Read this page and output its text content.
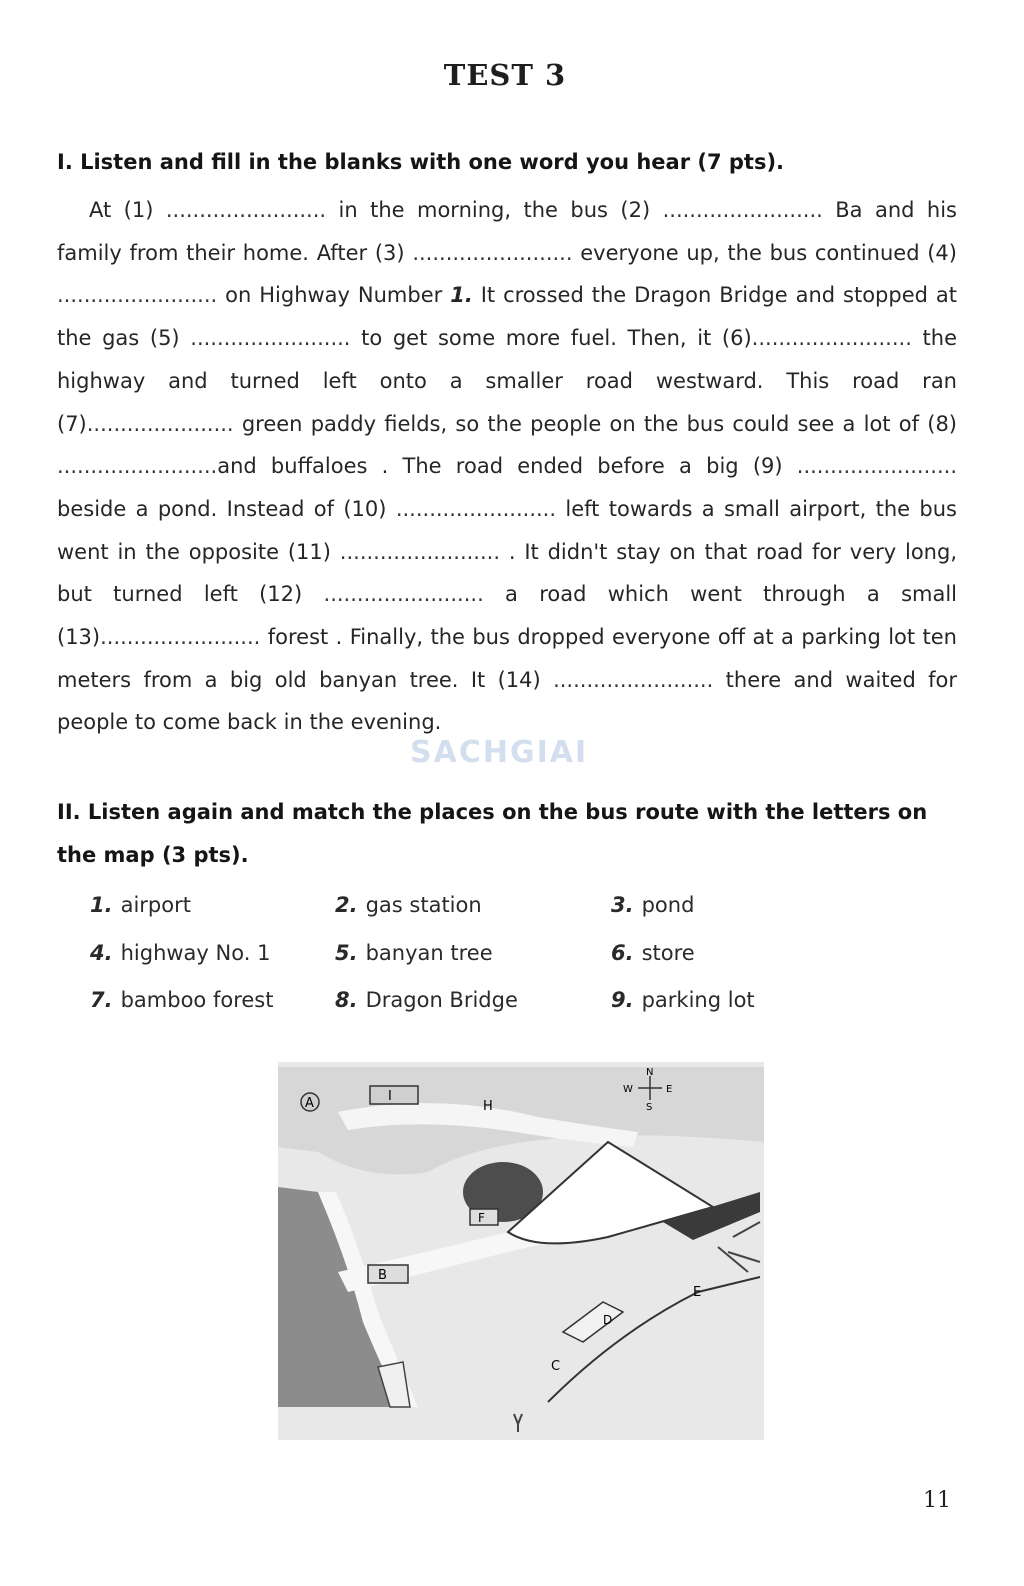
TEST 3
I. Listen and fill in the blanks with one word you hear (7 pts).

At (1) ........................ in the morning, the bus (2) ........................ Ba and his family from their home. After (3) ........................ everyone up, the bus continued (4) ........................ on Highway Number 1. It crossed the Dragon Bridge and stopped at the gas (5) ........................ to get some more fuel. Then, it (6)........................ the highway and turned left onto a smaller road westward. This road ran (7)...................... green paddy fields, so the people on the bus could see a lot of (8) ........................and buffaloes . The road ended before a big (9) ........................ beside a pond. Instead of (10) ........................ left towards a small airport, the bus went in the opposite (11) ........................ . It didn't stay on that road for very long, but turned left (12) ........................ a road which went through a small (13)........................ forest . Finally, the bus dropped everyone off at a parking lot ten meters from a big old banyan tree. It (14) ........................ there and waited for people to come back in the evening.

II. Listen again and match the places on the bus route with the letters on the map (3 pts).
1. airport	2. gas station	3. pond
4. highway No. 1	5. banyan tree	6. store
7. bamboo forest	8. Dragon Bridge	9. parking lot
A	I
H
F
B
D
E
C
N
S
W	E
SACHGIAI
11
